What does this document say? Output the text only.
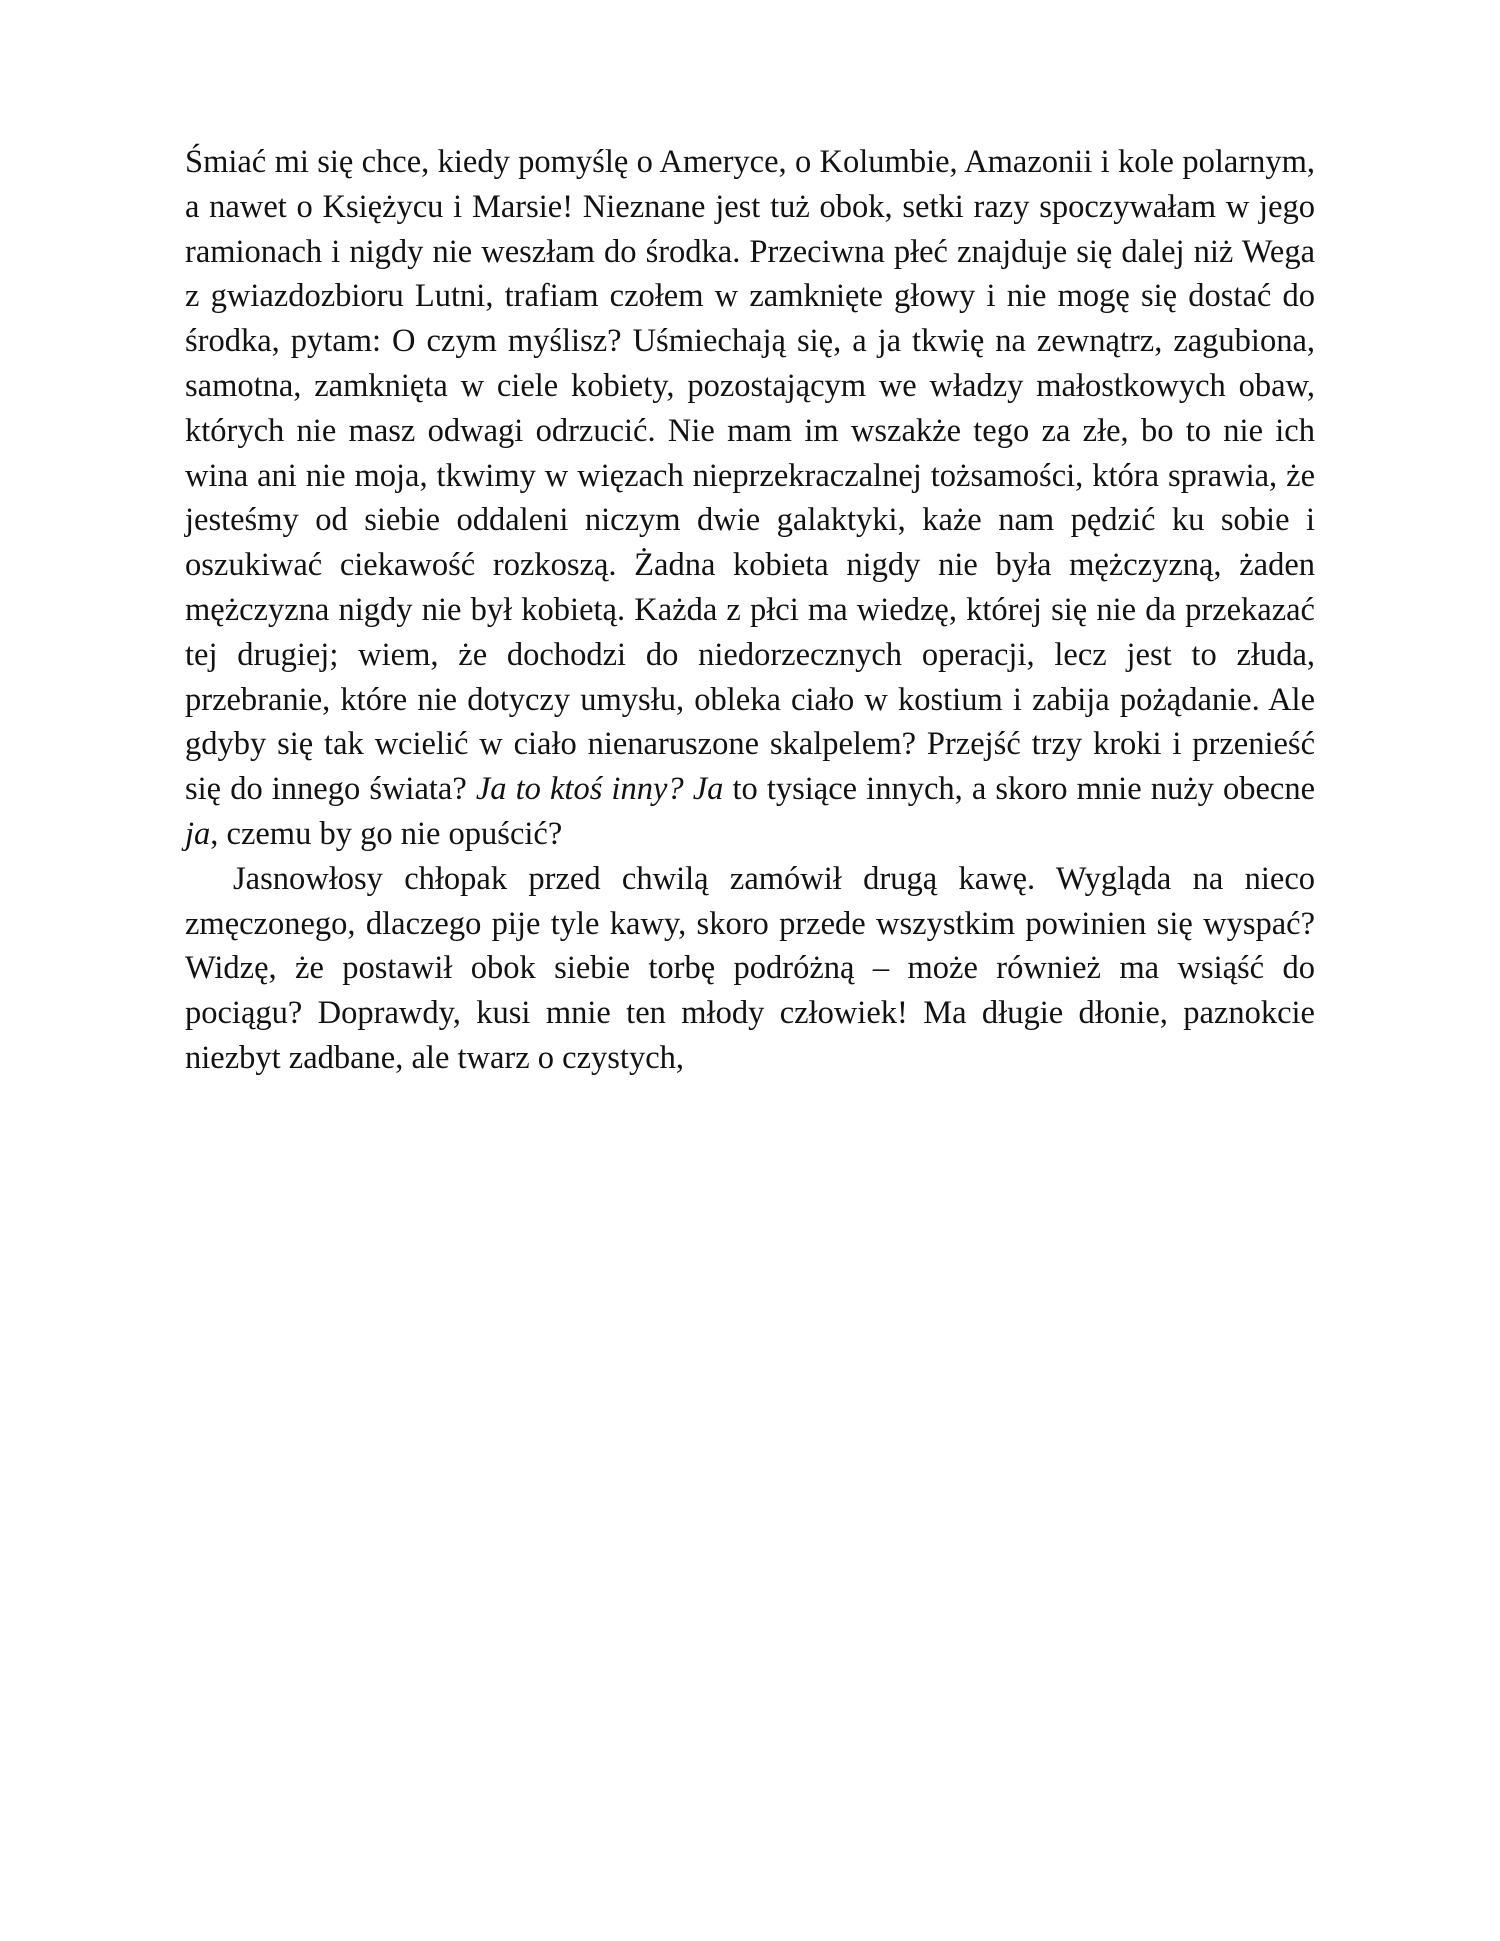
Śmiać mi się chce, kiedy pomyślę o Ameryce, o Kolumbie, Amazonii i kole polarnym, a nawet o Księżycu i Marsie! Nieznane jest tuż obok, setki razy spoczywałam w jego ramionach i nigdy nie weszłam do środka. Przeciwna płeć znajduje się dalej niż Wega z gwiazdozbioru Lutni, trafiam czołem w zamknięte głowy i nie mogę się dostać do środka, pytam: O czym myślisz? Uśmiechają się, a ja tkwię na zewnątrz, zagubiona, samotna, zamknięta w ciele kobiety, pozostającym we władzy małostkowych obaw, których nie masz odwagi odrzucić. Nie mam im wszakże tego za złe, bo to nie ich wina ani nie moja, tkwimy w więzach nieprzekraczalnej tożsamości, która sprawia, że jesteśmy od siebie oddaleni niczym dwie galaktyki, każe nam pędzić ku sobie i oszukiwać ciekawość rozkoszą. Żadna kobieta nigdy nie była mężczyzną, żaden mężczyzna nigdy nie był kobietą. Każda z płci ma wiedzę, której się nie da przekazać tej drugiej; wiem, że dochodzi do niedorzecznych operacji, lecz jest to złuda, przebranie, które nie dotyczy umysłu, obleka ciało w kostium i zabija pożądanie. Ale gdyby się tak wcielić w ciało nienaruszone skalpelem? Przejść trzy kroki i przenieść się do innego świata? Ja to ktoś inny? Ja to tysiące innych, a skoro mnie nuży obecne ja, czemu by go nie opuścić?

Jasnowłosy chłopak przed chwilą zamówił drugą kawę. Wygląda na nieco zmęczonego, dlaczego pije tyle kawy, skoro przede wszystkim powinien się wyspać? Widzę, że postawił obok siebie torbę podróżną – może również ma wsiąść do pociągu? Doprawdy, kusi mnie ten młody człowiek! Ma długie dłonie, paznokcie niezbyt zadbane, ale twarz o czystych,
